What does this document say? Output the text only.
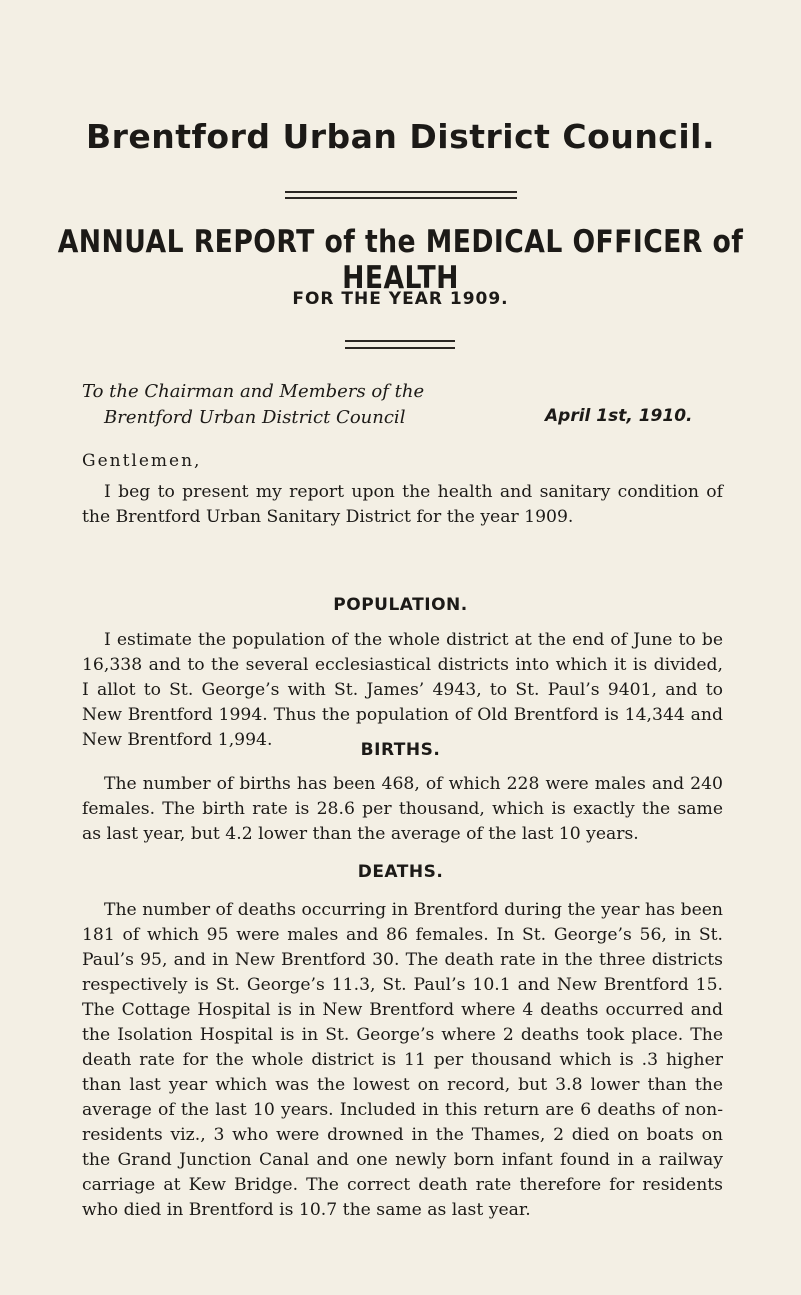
Brentford Urban District Council.
ANNUAL REPORT of the MEDICAL OFFICER of HEALTH
FOR THE YEAR 1909.
To the Chairman and Members of the
Brentford Urban District Council	April 1st, 1910.
Gentlemen,
I beg to present my report upon the health and sanitary condition of the Brentford Urban Sanitary District for the year 1909.
POPULATION.
I estimate the population of the whole district at the end of June to be 16,338 and to the several ecclesiastical districts into which it is divided, I allot to St. George’s with St. James’ 4943, to St. Paul’s 9401, and to New Brentford 1994. Thus the population of Old Brentford is 14,344 and New Brentford 1,994.	BIRTHS.
The number of births has been 468, of which 228 were males and 240 females. The birth rate is 28.6 per thousand, which is exactly the same as last year, but 4.2 lower than the average of the last 10 years.
DEATHS.
The number of deaths occurring in Brentford during the year has been 181 of which 95 were males and 86 females. In St. George’s 56, in St. Paul’s 95, and in New Brentford 30. The death rate in the three districts respectively is St. George’s 11.3, St. Paul’s 10.1 and New Brentford 15. The Cottage Hospital is in New Brentford where 4 deaths occurred and the Isolation Hospital is in St. George’s where 2 deaths took place. The death rate for the whole district is 11 per thousand which is .3 higher than last year which was the lowest on record, but 3.8 lower than the average of the last 10 years. Included in this return are 6 deaths of non-residents viz., 3 who were drowned in the Thames, 2 died on boats on the Grand Junction Canal and one newly born infant found in a railway carriage at Kew Bridge. The correct death rate therefore for residents who died in Brentford is 10.7 the same as last year.
